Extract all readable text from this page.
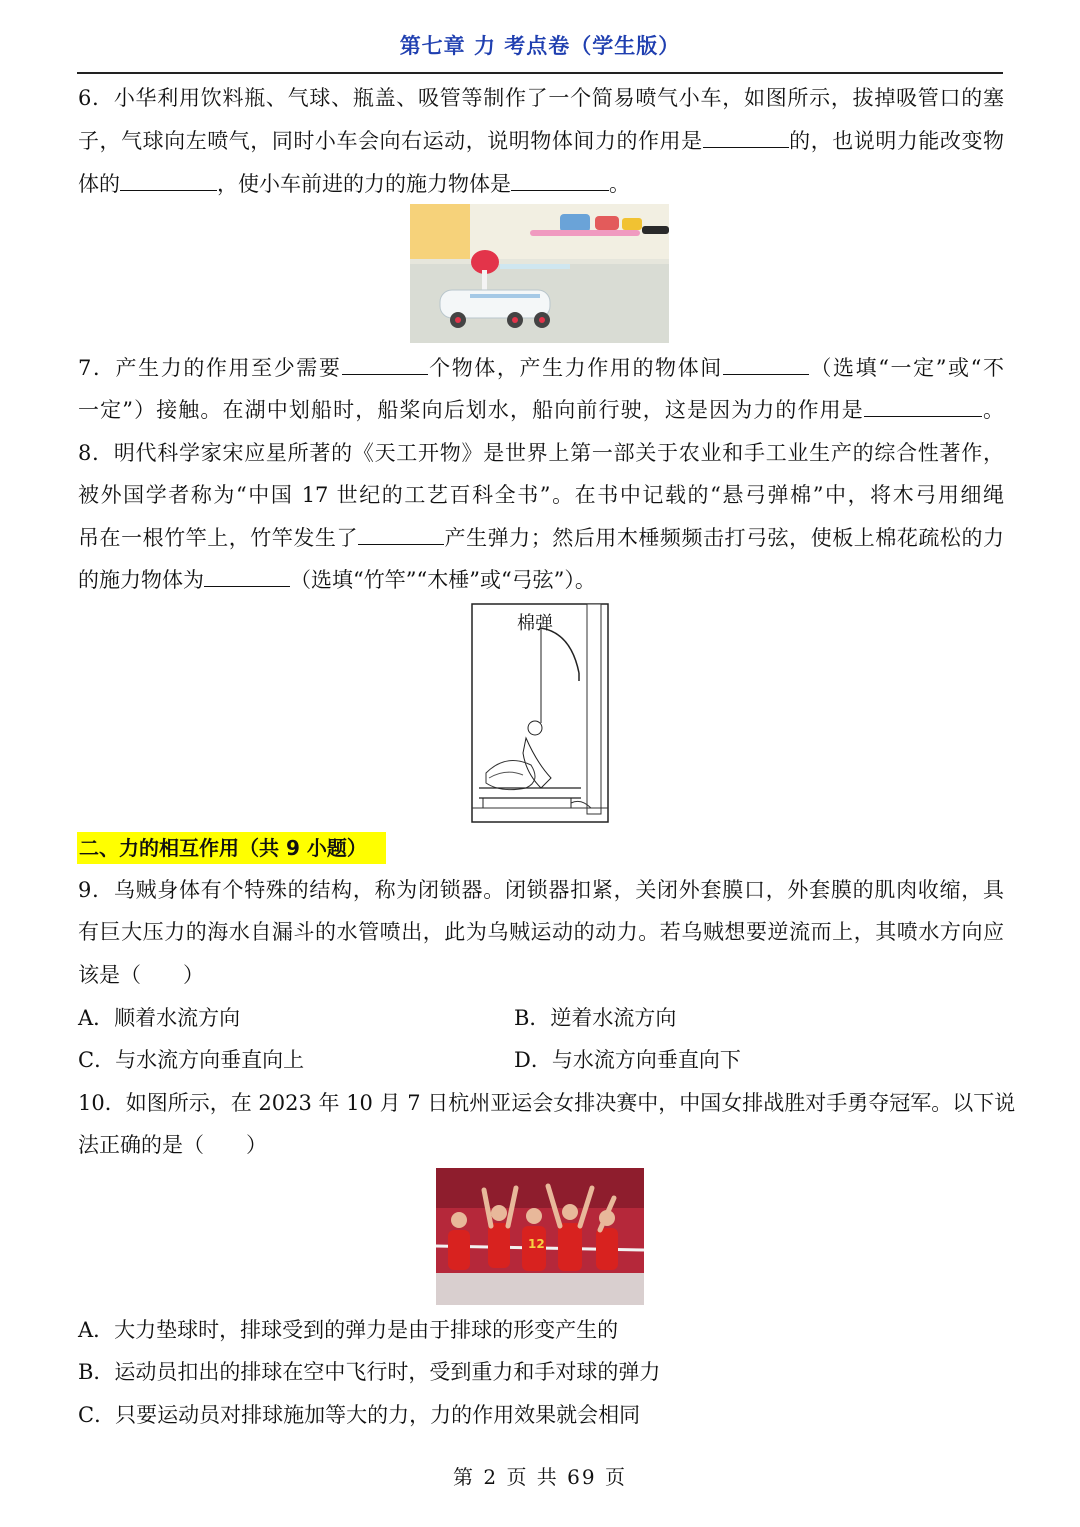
第七章 力 考点卷（学生版）
6．小华利用饮料瓶、气球、瓶盖、吸管等制作了一个简易喷气小车，如图所示，拔掉吸管口的塞
子，气球向左喷气，同时小车会向右运动，说明物体间力的作用是	的，也说明力能改变物
体的	，使小车前进的力的施力物体是	。
7．产生力的作用至少需要	个物体，产生力作用的物体间	（选填“一定”或“不
一定”）接触。在湖中划船时，船桨向后划水，船向前行驶，这是因为力的作用是	。
8．明代科学家宋应星所著的《天工开物》是世界上第一部关于农业和手工业生产的综合性著作，
被外国学者称为“中国 17 世纪的工艺百科全书”。在书中记载的“悬弓弹棉”中，将木弓用细绳
吊在一根竹竿上，竹竿发生了	产生弹力；然后用木棰频频击打弓弦，使板上棉花疏松的力
的施力物体为	（选填“竹竿”“木棰”或“弓弦”）。
棉弹
二、力的相互作用（共 9 小题）
9．乌贼身体有个特殊的结构，称为闭锁器。闭锁器扣紧，关闭外套膜口，外套膜的肌肉收缩，具
有巨大压力的海水自漏斗的水管喷出，此为乌贼运动的动力。若乌贼想要逆流而上，其喷水方向应
该是（　　）
A．顺着水流方向	B．逆着水流方向
C．与水流方向垂直向上	D．与水流方向垂直向下
10．如图所示，在 2023 年 10 月 7 日杭州亚运会女排决赛中，中国女排战胜对手勇夺冠军。以下说
法正确的是（　　）
12
A．大力垫球时，排球受到的弹力是由于排球的形变产生的
B．运动员扣出的排球在空中飞行时，受到重力和手对球的弹力
C．只要运动员对排球施加等大的力，力的作用效果就会相同
第 2 页 共 69 页
